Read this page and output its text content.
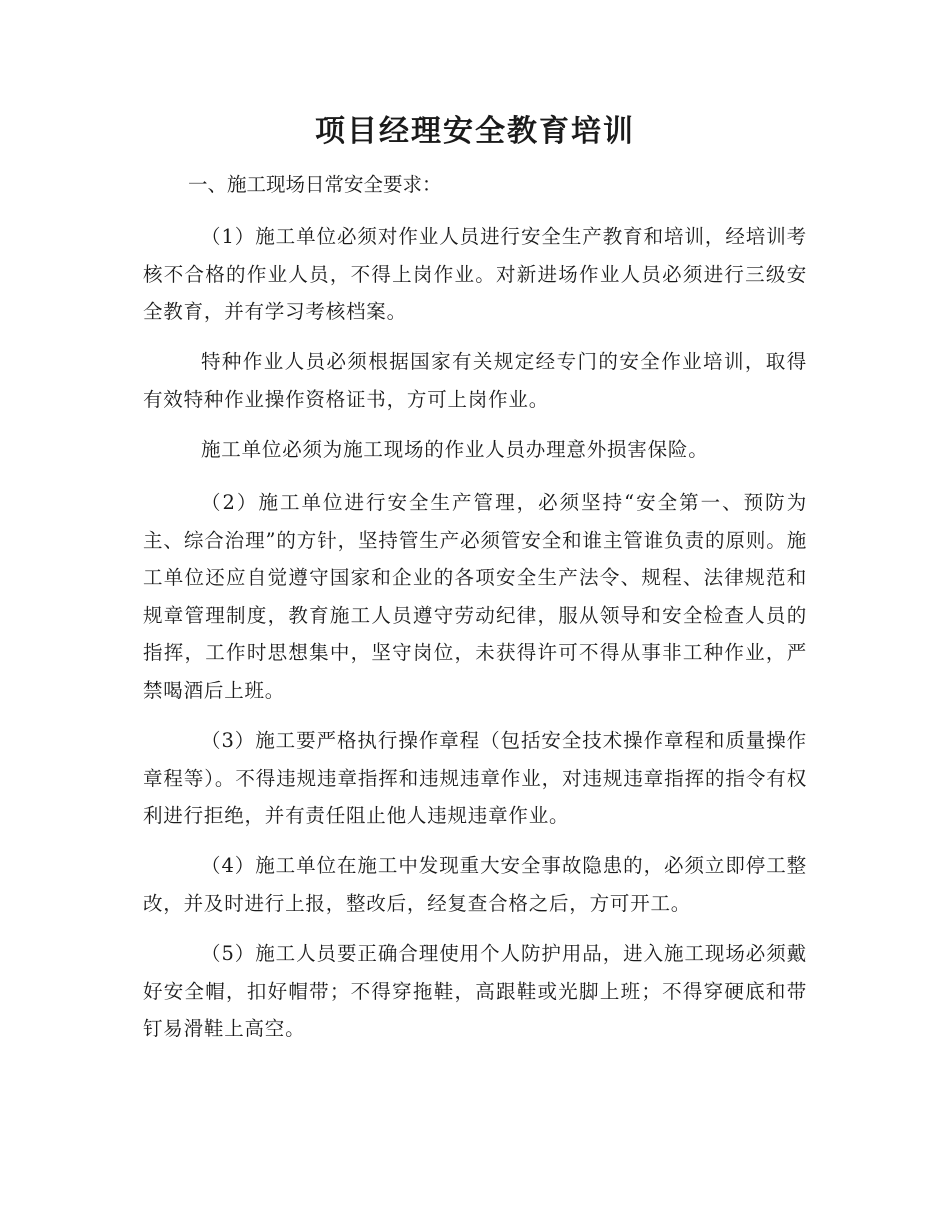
项目经理安全教育培训

一、施工现场日常安全要求：

（1）施工单位必须对作业人员进行安全生产教育和培训，经培训考核不合格的作业人员，不得上岗作业。对新进场作业人员必须进行三级安全教育，并有学习考核档案。

特种作业人员必须根据国家有关规定经专门的安全作业培训，取得有效特种作业操作资格证书，方可上岗作业。

施工单位必须为施工现场的作业人员办理意外损害保险。

（2）施工单位进行安全生产管理，必须坚持“安全第一、预防为主、综合治理”的方针，坚持管生产必须管安全和谁主管谁负责的原则。施工单位还应自觉遵守国家和企业的各项安全生产法令、规程、法律规范和规章管理制度，教育施工人员遵守劳动纪律，服从领导和安全检查人员的指挥，工作时思想集中，坚守岗位，未获得许可不得从事非工种作业，严禁喝酒后上班。

（3）施工要严格执行操作章程（包括安全技术操作章程和质量操作章程等）。不得违规违章指挥和违规违章作业，对违规违章指挥的指令有权利进行拒绝，并有责任阻止他人违规违章作业。

（4）施工单位在施工中发现重大安全事故隐患的，必须立即停工整改，并及时进行上报，整改后，经复查合格之后，方可开工。

（5）施工人员要正确合理使用个人防护用品，进入施工现场必须戴好安全帽，扣好帽带；不得穿拖鞋，高跟鞋或光脚上班；不得穿硬底和带钉易滑鞋上高空。
